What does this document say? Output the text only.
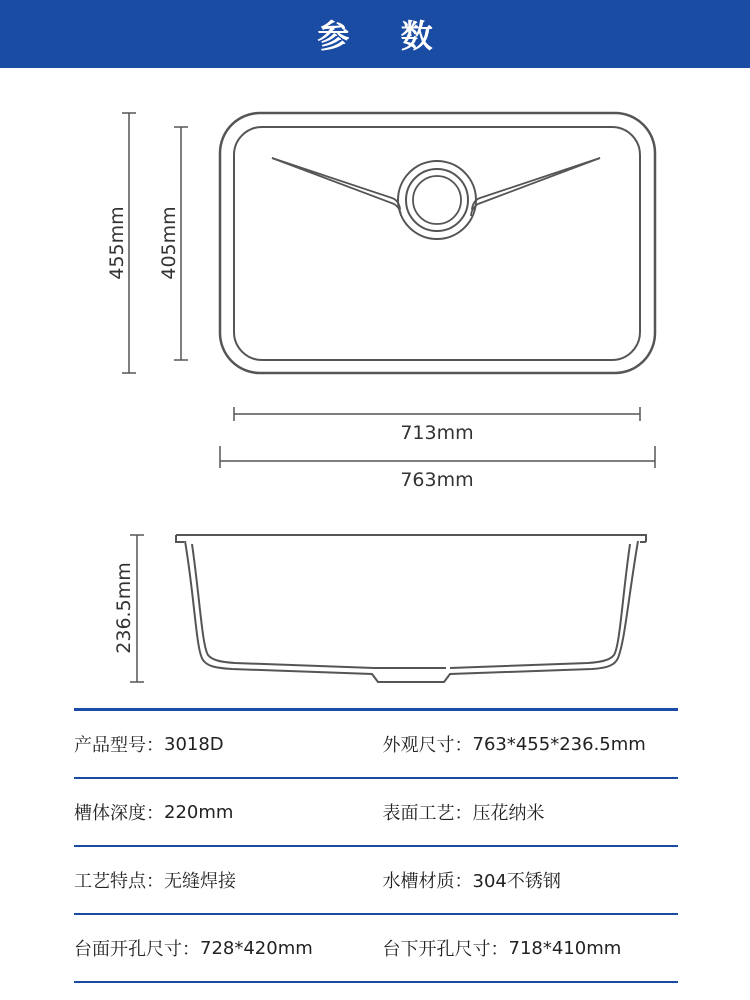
参 数
455mm 405mm
713mm
763mm
236.5mm
产品型号： 3018D	外观尺寸： 763*455*236.5mm
槽体深度： 220mm	表面工艺： 压花纳米
工艺特点： 无缝焊接	水槽材质： 304不锈钢
台面开孔尺寸： 728*420mm	台下开孔尺寸： 718*410mm
